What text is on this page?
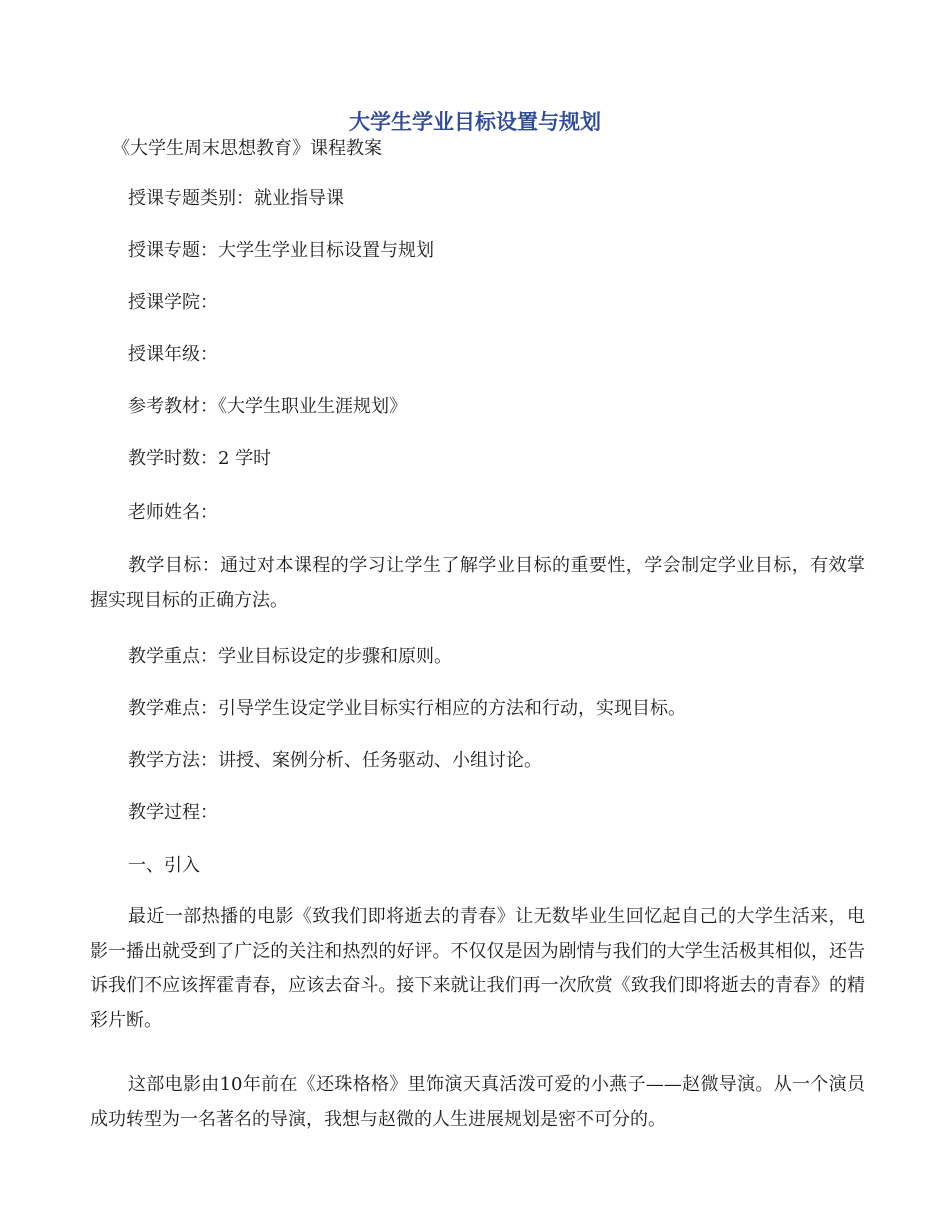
大学生学业目标设置与规划
《大学生周末思想教育》课程教案
授课专题类别：就业指导课
授课专题：大学生学业目标设置与规划
授课学院：
授课年级：
参考教材：《大学生职业生涯规划》
教学时数：2 学时
老师姓名：
教学目标：通过对本课程的学习让学生了解学业目标的重要性，学会制定学业目标，有效掌握实现目标的正确方法。
教学重点：学业目标设定的步骤和原则。
教学难点：引导学生设定学业目标实行相应的方法和行动，实现目标。
教学方法：讲授、案例分析、任务驱动、小组讨论。
教学过程：
一、引入
最近一部热播的电影《致我们即将逝去的青春》让无数毕业生回忆起自己的大学生活来，电影一播出就受到了广泛的关注和热烈的好评。不仅仅是因为剧情与我们的大学生活极其相似，还告诉我们不应该挥霍青春，应该去奋斗。接下来就让我们再一次欣赏《致我们即将逝去的青春》的精彩片断。
这部电影由10年前在《还珠格格》里饰演天真活泼可爱的小燕子——赵微导演。从一个演员成功转型为一名著名的导演，我想与赵微的人生进展规划是密不可分的。
